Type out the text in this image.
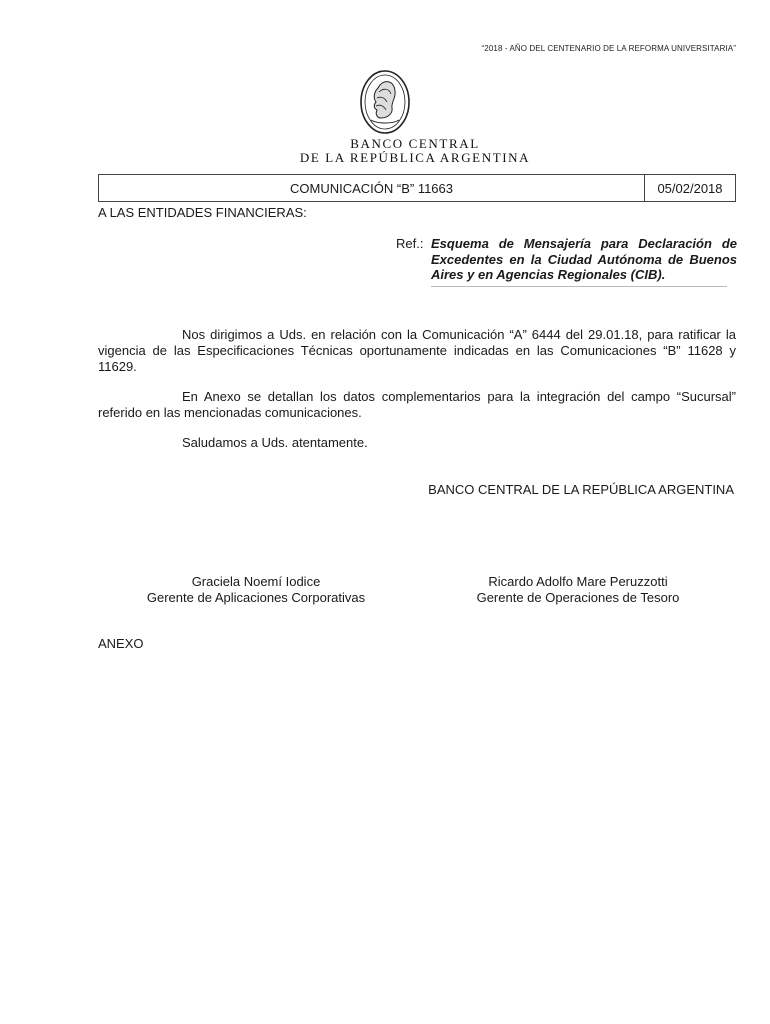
“2018 - AÑO DEL CENTENARIO DE LA REFORMA UNIVERSITARIA”
BANCO CENTRAL
DE LA REPÚBLICA ARGENTINA
COMUNICACIÓN “B” 11663	05/02/2018
A LAS ENTIDADES FINANCIERAS:
Ref.: Esquema de Mensajería para Declaración de Excedentes en la Ciudad Autónoma de Buenos Aires y en Agencias Regionales (CIB).

Nos dirigimos a Uds. en relación con la Comunicación “A” 6444 del 29.01.18, para ratificar la vigencia de las Especificaciones Técnicas oportunamente indicadas en las Comunicaciones “B” 11628 y 11629.

En Anexo se detallan los datos complementarios para la integración del campo “Sucursal” referido en las mencionadas comunicaciones.

Saludamos a Uds. atentamente.

BANCO CENTRAL DE LA REPÚBLICA ARGENTINA
Graciela Noemí Iodice
Gerente de Aplicaciones Corporativas
Ricardo Adolfo Mare Peruzzotti
Gerente de Operaciones de Tesoro
ANEXO
